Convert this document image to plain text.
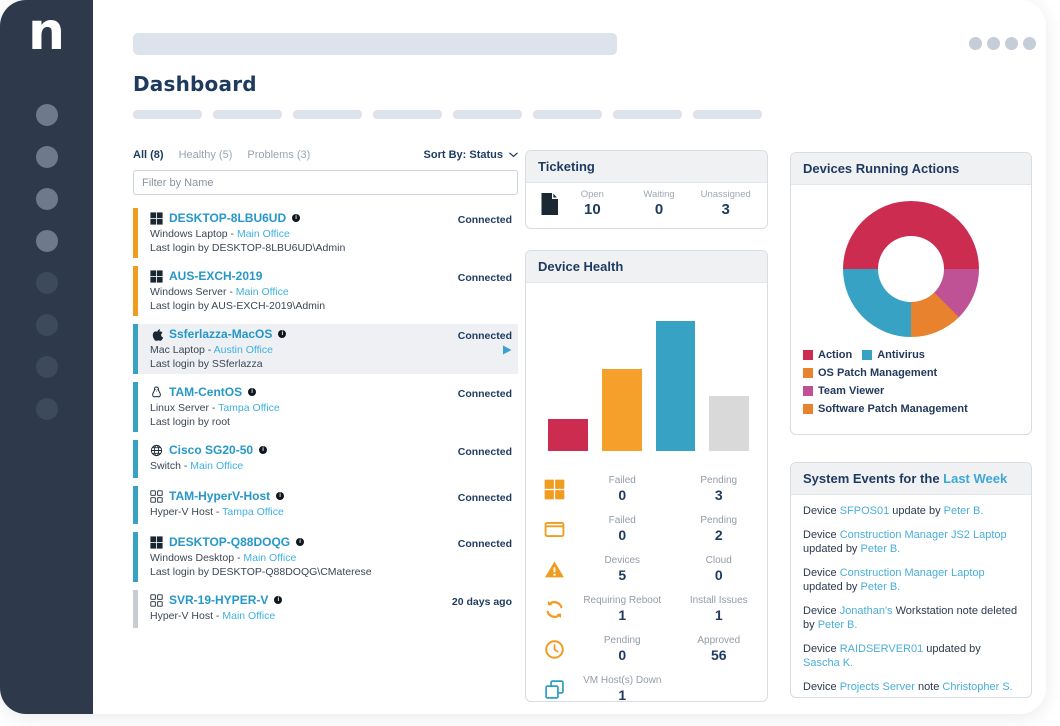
n
Dashboard
All (8) Healthy (5) Problems (3)	Sort By: Status
Filter by Name
DESKTOP-8LBU6UD	i
Windows Laptop - Main Office
Last login by DESKTOP-8LBU6UD\Admin
Connected
AUS-EXCH-2019
Windows Server - Main Office
Last login by AUS-EXCH-2019\Admin
Connected
Ssferlazza-MacOS	i
Mac Laptop - Austin Office
Last login by SSferlazza
Connected
TAM-CentOS	i
Linux Server - Tampa Office
Last login by root
Connected
Cisco SG20-50	i
Switch - Main Office
Connected
TAM-HyperV-Host	i
Hyper-V Host - Tampa Office
Connected
DESKTOP-Q88DOQG	i
Windows Desktop - Main Office
Last login by DESKTOP-Q88DOQG\CMaterese
Connected
SVR-19-HYPER-V	i
Hyper-V Host - Main Office
20 days ago
Ticketing
Open
10
Waiting
0
Unassigned
3
Device Health
Failed
0
Pending
3
Failed
0
Pending
2
Devices
5
Cloud
0
Requiring Reboot
1
Install Issues
1
Pending
0
Approved
56
VM Host(s) Down
1
Devices Running Actions
Action Antivirus
OS Patch Management
Team Viewer
Software Patch Management
System Events for the Last Week
Device SFPOS01 update by Peter B.
Device Construction Manager JS2 Laptop updated by Peter B.
Device Construction Manager Laptop updated by Peter B.
Device Jonathan's Workstation note deleted by Peter B.
Device RAIDSERVER01 updated by Sascha K.
Device Projects Server note Christopher S.
